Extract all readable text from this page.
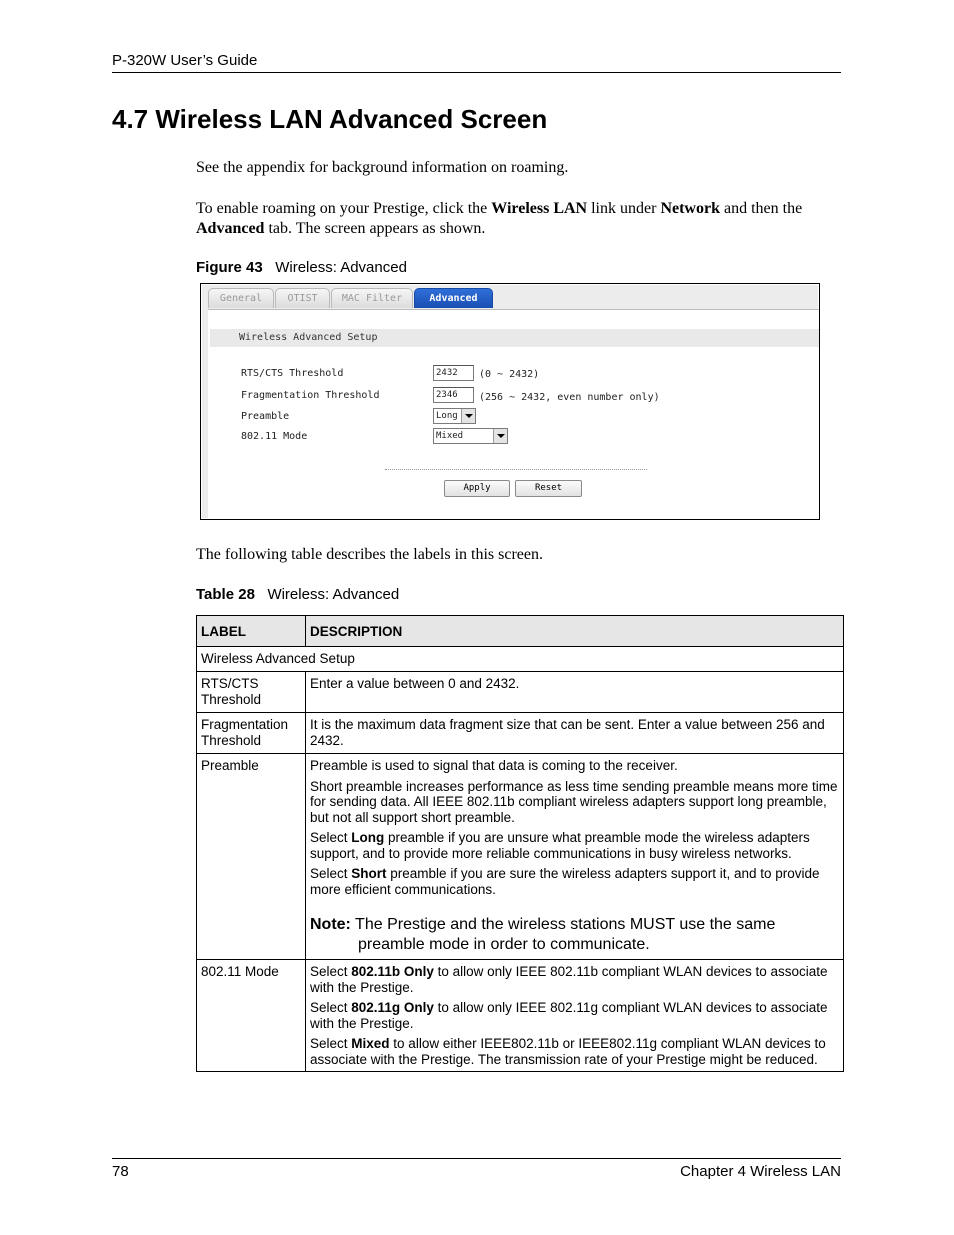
P-320W User’s Guide
4.7 Wireless LAN Advanced Screen
See the appendix for background information on roaming.
To enable roaming on your Prestige, click the Wireless LAN link under Network and then the Advanced tab. The screen appears as shown.
Figure 43 Wireless: Advanced
General	OTIST	MAC Filter	Advanced
Wireless Advanced Setup
RTS/CTS Threshold	2432	(0 ~ 2432)
Fragmentation Threshold	2346	(256 ~ 2432, even number only)
Preamble	Long
802.11 Mode	Mixed
Apply	Reset
The following table describes the labels in this screen.
Table 28 Wireless: Advanced
LABEL	DESCRIPTION
Wireless Advanced Setup	
RTS/CTS Threshold	Enter a value between 0 and 2432.
Fragmentation Threshold	It is the maximum data fragment size that can be sent. Enter a value between 256 and 2432.
Preamble	Preamble is used to signal that data is coming to the receiver.

Short preamble increases performance as less time sending preamble means more time for sending data. All IEEE 802.11b compliant wireless adapters support long preamble, but not all support short preamble.

Select Long preamble if you are unsure what preamble mode the wireless adapters support, and to provide more reliable communications in busy wireless networks.

Select Short preamble if you are sure the wireless adapters support it, and to provide more efficient communications.

Note: The Prestige and the wireless stations MUST use the same preamble mode in order to communicate.

802.11 Mode	Select 802.11b Only to allow only IEEE 802.11b compliant WLAN devices to associate with the Prestige.

Select 802.11g Only to allow only IEEE 802.11g compliant WLAN devices to associate with the Prestige.

Select Mixed to allow either IEEE802.11b or IEEE802.11g compliant WLAN devices to associate with the Prestige. The transmission rate of your Prestige might be reduced.

78	Chapter 4 Wireless LAN
